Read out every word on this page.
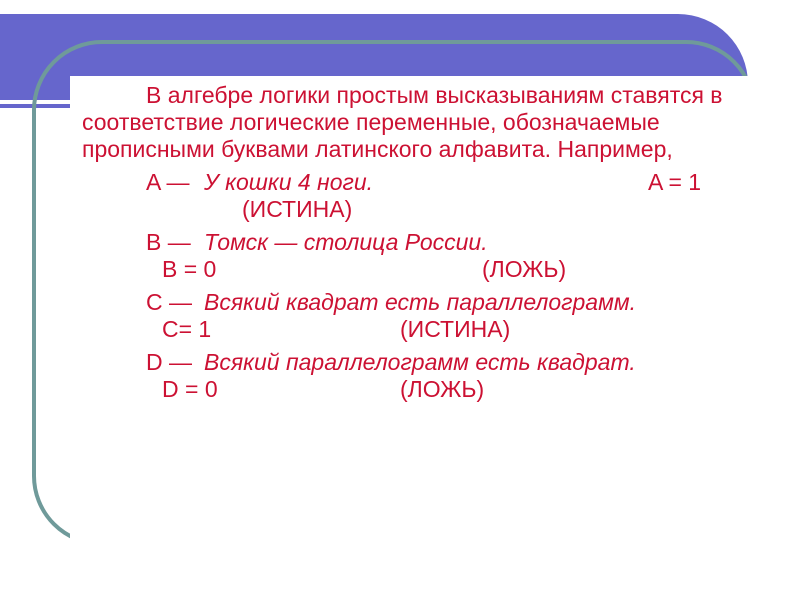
В алгебре логики простым высказываниям ставятся в соответствие логические переменные, обозначаемые прописными буквами латинского алфавита. Например,

A — У кошки 4 ноги.	A = 1
(ИСТИНА)
B — Томск — столица России.
B = 0	(ЛОЖЬ)
C — Всякий квадрат есть параллелограмм.
C= 1	(ИСТИНА)
D — Всякий параллелограмм есть квадрат.
D = 0	(ЛОЖЬ)
